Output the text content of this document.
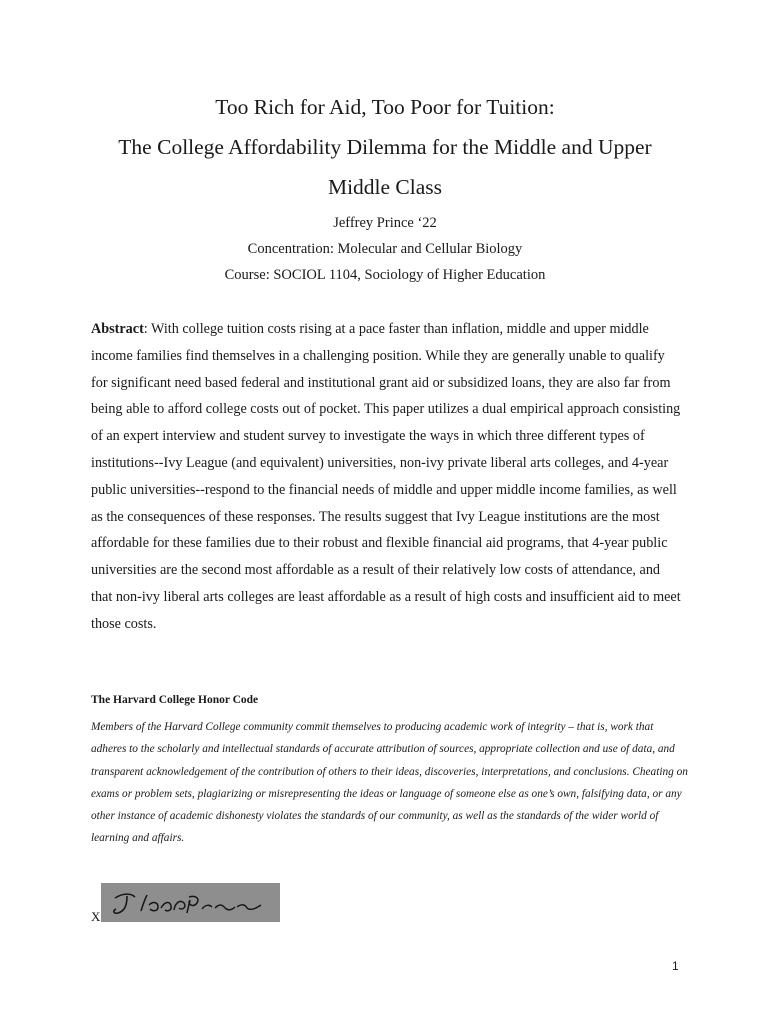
Too Rich for Aid, Too Poor for Tuition:
The College Affordability Dilemma for the Middle and Upper
Middle Class
Jeffrey Prince ‘22
Concentration: Molecular and Cellular Biology
Course: SOCIOL 1104, Sociology of Higher Education
Abstract: With college tuition costs rising at a pace faster than inflation, middle and upper middle income families find themselves in a challenging position. While they are generally unable to qualify for significant need based federal and institutional grant aid or subsidized loans, they are also far from being able to afford college costs out of pocket. This paper utilizes a dual empirical approach consisting of an expert interview and student survey to investigate the ways in which three different types of institutions--Ivy League (and equivalent) universities, non-ivy private liberal arts colleges, and 4-year public universities--respond to the financial needs of middle and upper middle income families, as well as the consequences of these responses. The results suggest that Ivy League institutions are the most affordable for these families due to their robust and flexible financial aid programs, that 4-year public universities are the second most affordable as a result of their relatively low costs of attendance, and that non-ivy liberal arts colleges are least affordable as a result of high costs and insufficient aid to meet those costs.
The Harvard College Honor Code
Members of the Harvard College community commit themselves to producing academic work of integrity – that is, work that adheres to the scholarly and intellectual standards of accurate attribution of sources, appropriate collection and use of data, and transparent acknowledgement of the contribution of others to their ideas, discoveries, interpretations, and conclusions. Cheating on exams or problem sets, plagiarizing or misrepresenting the ideas or language of someone else as one’s own, falsifying data, or any other instance of academic dishonesty violates the standards of our community, as well as the standards of the wider world of learning and affairs.
X
1
